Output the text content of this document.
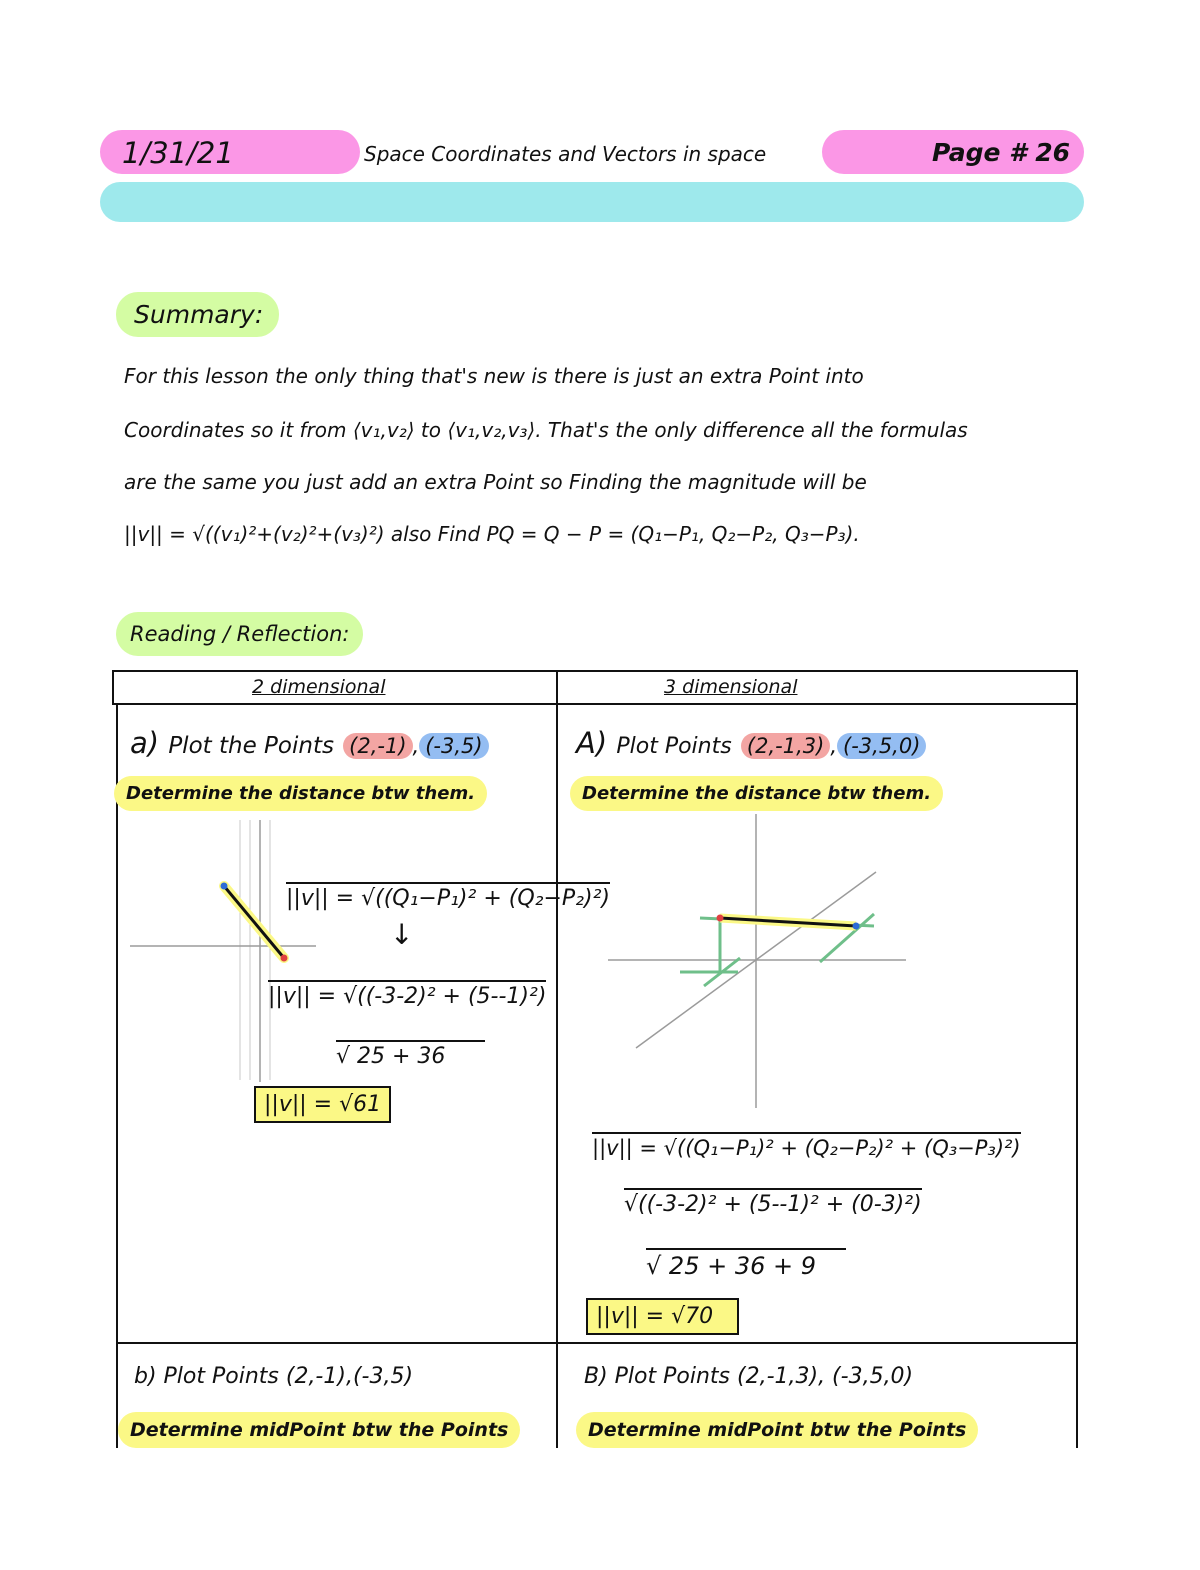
1/31/21	Space Coordinates and Vectors in space	Page # 26
Summary:
For this lesson the only thing that's new is there is just an extra Point into
Coordinates so it from ⟨v₁,v₂⟩ to ⟨v₁,v₂,v₃⟩. That's the only difference all the formulas
are the same you just add an extra Point so Finding the magnitude will be
||v|| = √((v₁)²+(v₂)²+(v₃)²) also Find PQ = Q − P = (Q₁−P₁, Q₂−P₂, Q₃−P₃).
Reading / Reflection:
2 dimensional	3 dimensional
a) Plot the Points (2,-1) , (-3,5)
Determine the distance btw them.
||v|| = √((Q₁−P₁)² + (Q₂−P₂)²)
↓
||v|| = √((-3-2)² + (5--1)²)
√ 25 + 36
||v|| = √61
A) Plot Points (2,-1,3) , (-3,5,0)
Determine the distance btw them.
||v|| = √((Q₁−P₁)² + (Q₂−P₂)² + (Q₃−P₃)²)
√((-3-2)² + (5--1)² + (0-3)²)
√ 25 + 36 + 9
||v|| = √70
b) Plot Points (2,-1),(-3,5)
Determine midPoint btw the Points
B) Plot Points (2,-1,3), (-3,5,0)
Determine midPoint btw the Points
